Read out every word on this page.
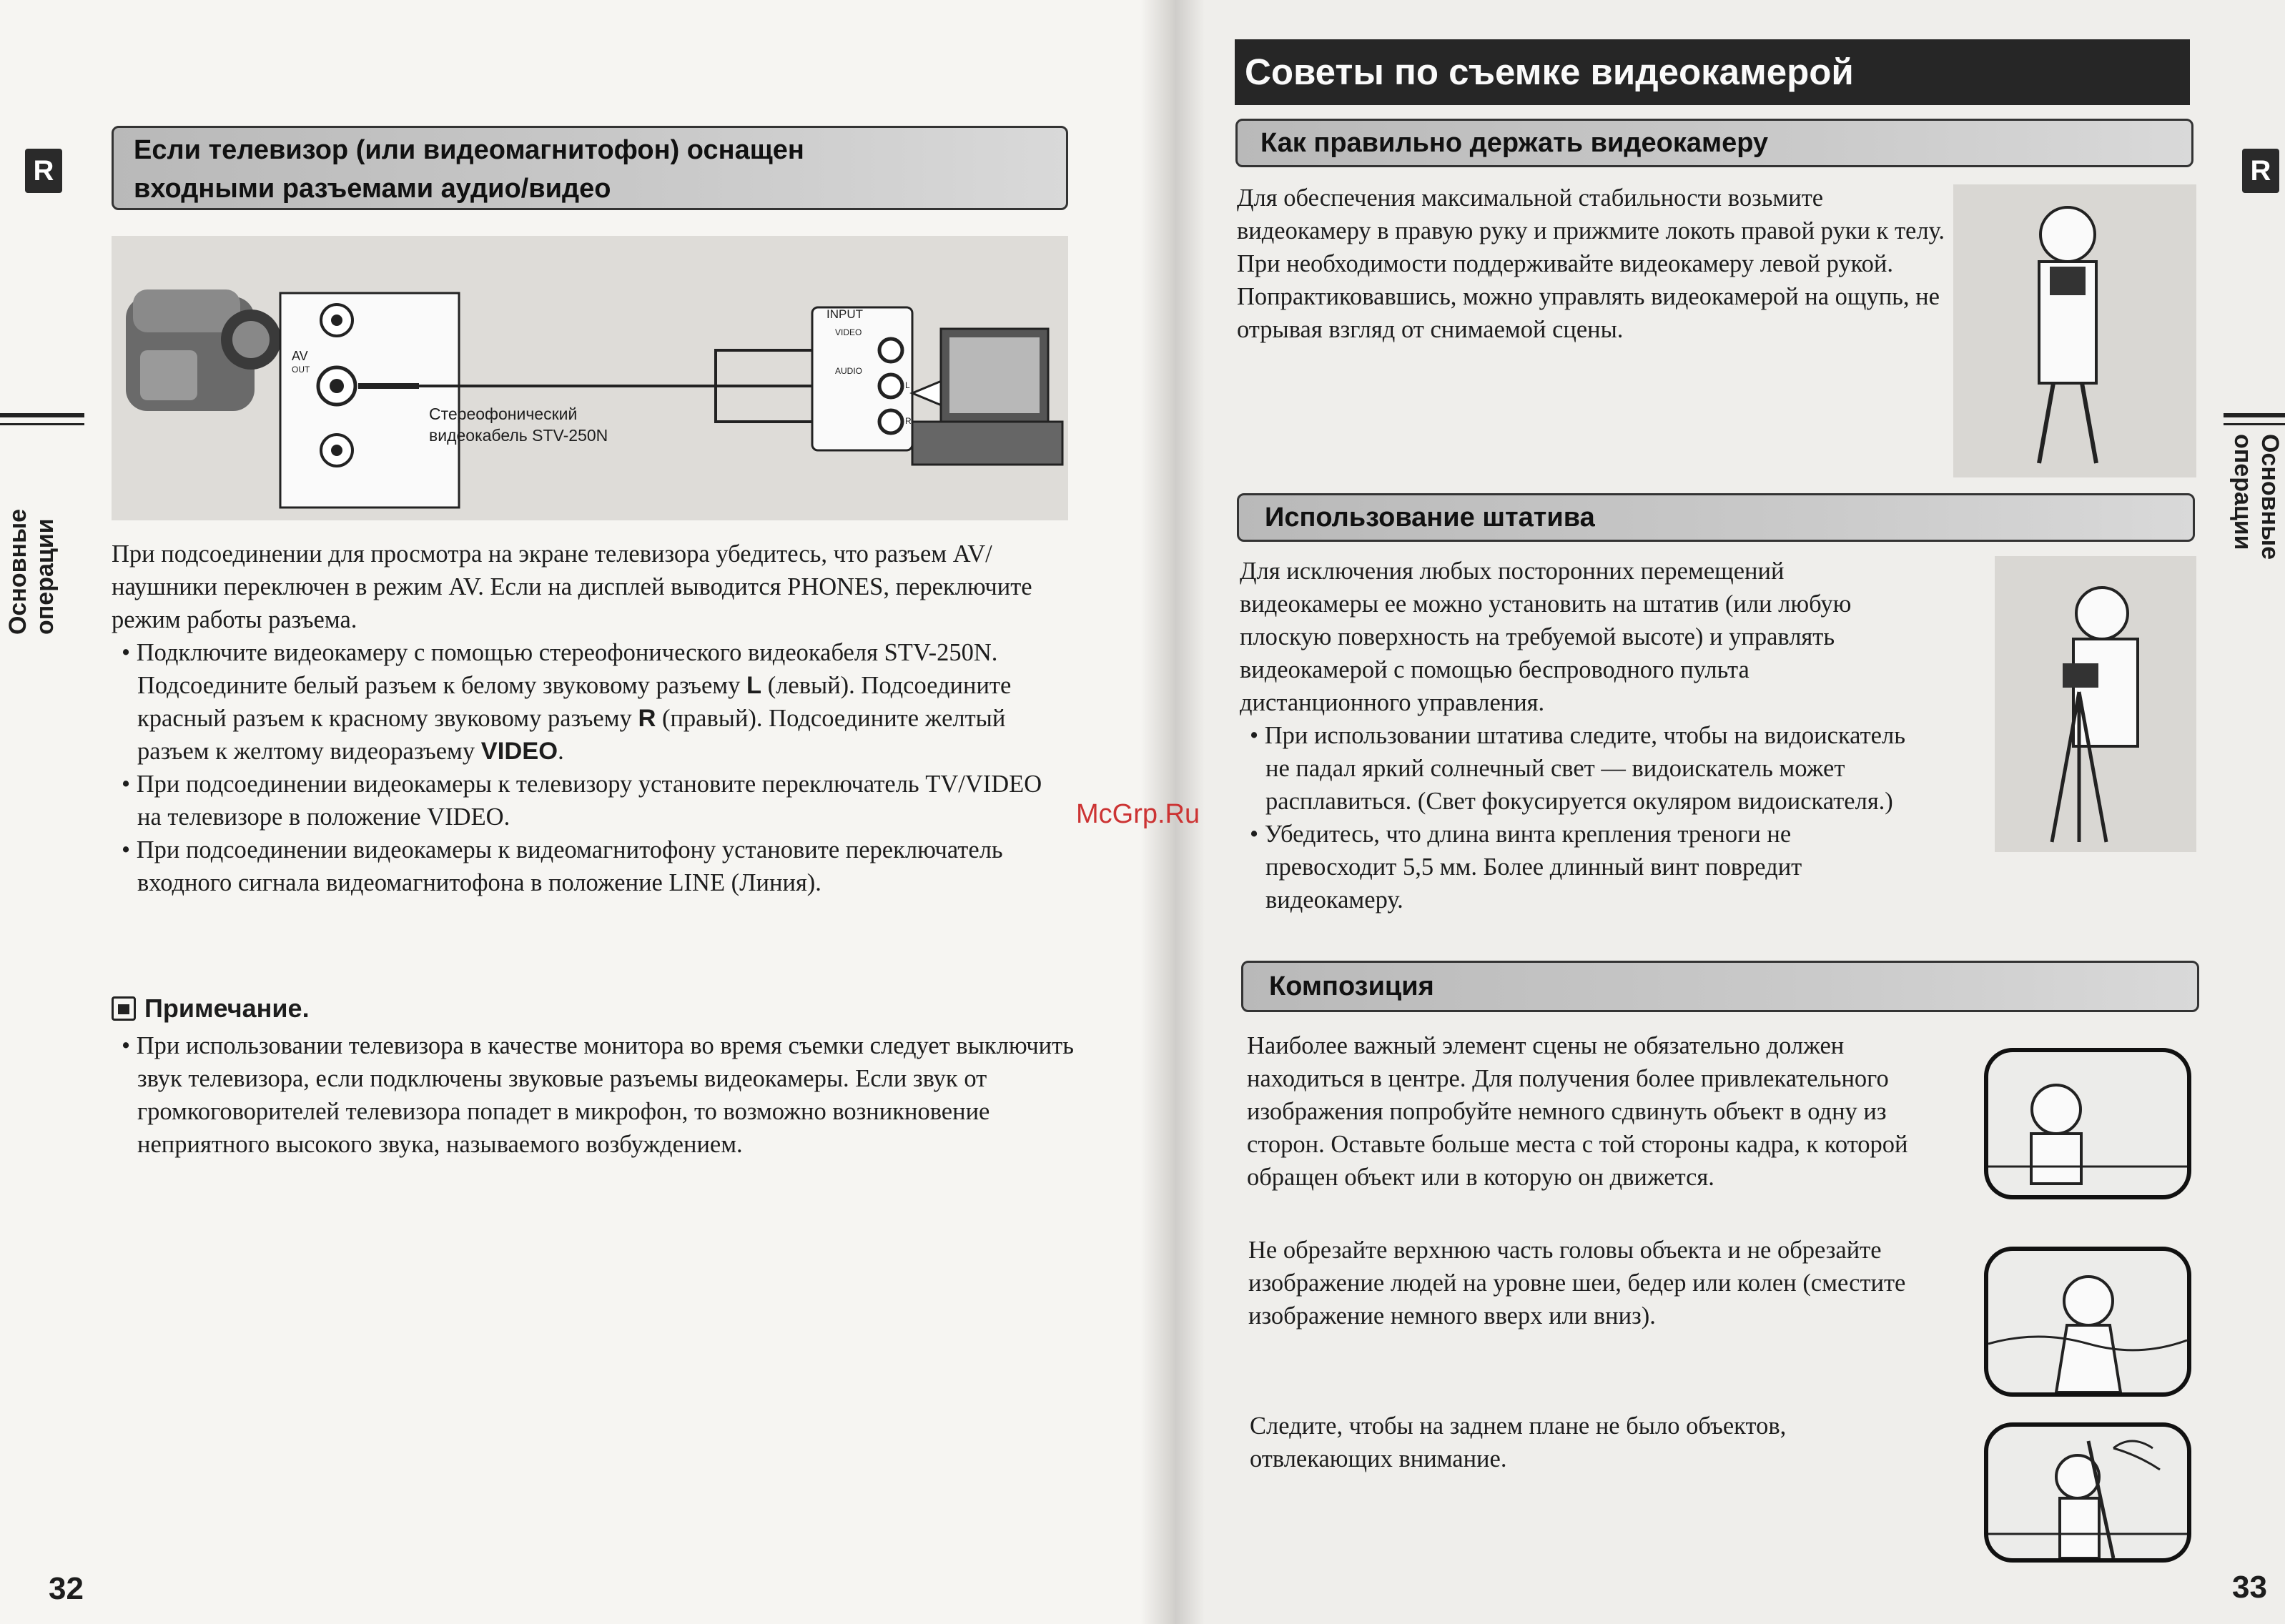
R
Основные операции
32
Если телевизор (или видеомагнитофон) оснащен
входными разъемами аудио/видео
INPUT
VIDEO
AUDIO
L
R
AV
OUT
Стереофонический
видеокабель STV-250N

При подсоединении для просмотра на экране телевизора убедитесь, что разъем AV/наушники переключен в режим AV. Если на дисплей выводится PHONES, переключите режим работы разъема.

• Подключите видеокамеру с помощью стереофонического видеокабеля STV-250N. Подсоедините белый разъем к белому звуковому разъему L (левый). Подсоедините красный разъем к красному звуковому разъему R (правый). Подсоедините желтый разъем к желтому видеоразъему VIDEO.

• При подсоединении видеокамеры к телевизору установите переключатель TV/VIDEO на телевизоре в положение VIDEO.

• При подсоединении видеокамеры к видеомагнитофону установите переключатель входного сигнала видеомагнитофона в положение LINE (Линия).

Примечание.

• При использовании телевизора в качестве монитора во время съемки следует выключить звук телевизора, если подключены звуковые разъемы видеокамеры. Если звук от громкоговорителей телевизора попадет в микрофон, то возможно возникновение неприятного высокого звука, называемого возбуждением.

McGrp.Ru
Советы по съемке видеокамерой
R
Основные
операции
33
Как правильно держать видеокамеру
Для обеспечения максимальной стабильности возьмите видеокамеру в правую руку и прижмите локоть правой руки к телу. При необходимости поддерживайте видеокамеру левой рукой. Попрактиковавшись, можно управлять видеокамерой на ощупь, не отрывая взгляд от снимаемой сцены.
Использование штатива

Для исключения любых посторонних перемещений видеокамеры ее можно установить на штатив (или любую плоскую поверхность на требуемой высоте) и управлять видеокамерой с помощью беспроводного пульта дистанционного управления.

• При использовании штатива следите, чтобы на видоискатель не падал яркий солнечный свет — видоискатель может расплавиться. (Свет фокусируется окуляром видоискателя.)

• Убедитесь, что длина винта крепления треноги не превосходит 5,5 мм. Более длинный винт повредит видеокамеру.

Композиция
Наиболее важный элемент сцены не обязательно должен находиться в центре. Для получения более привлекательного изображения попробуйте немного сдвинуть объект в одну из сторон. Оставьте больше места с той стороны кадра, к которой обращен объект или в которую он движется.
Не обрезайте верхнюю часть головы объекта и не обрезайте изображение людей на уровне шеи, бедер или колен (сместите изображение немного вверх или вниз).
Следите, чтобы на заднем плане не было объектов, отвлекающих внимание.
